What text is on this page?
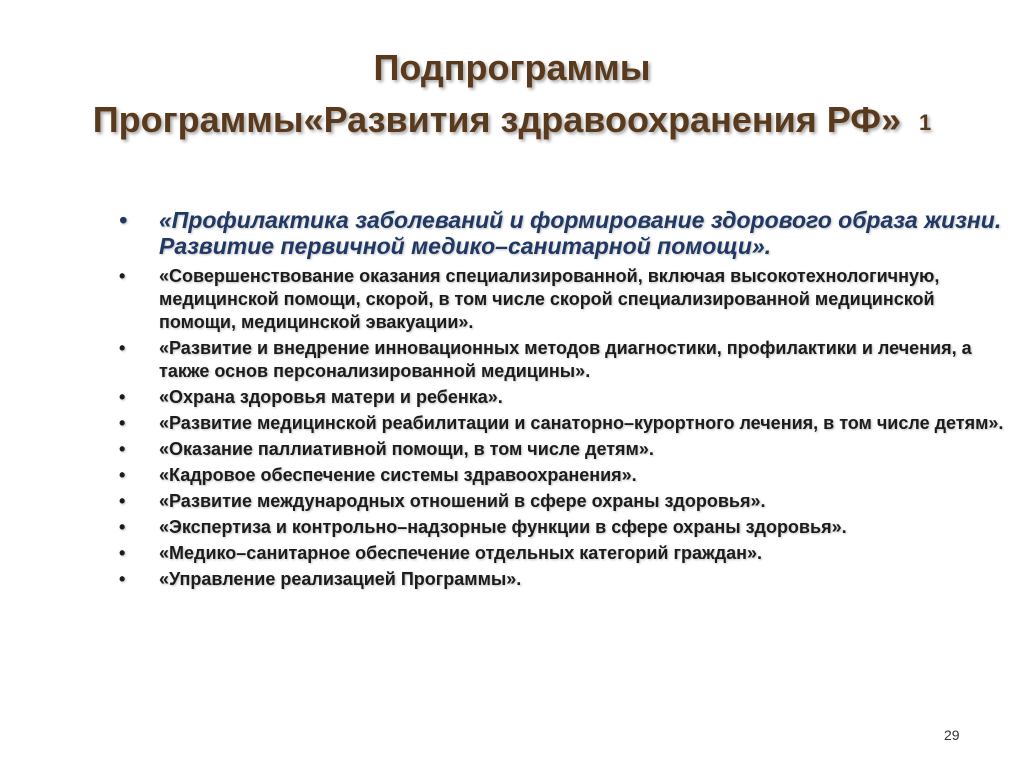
Подпрограммы
Программы«Развития здравоохранения РФ» 1
•	«Профилактика заболеваний и формирование здорового образа жизни. Развитие первичной медико–санитарной помощи».
•	«Совершенствование оказания специализированной, включая высокотехнологичную, медицинской помощи, скорой, в том числе скорой специализированной медицинской помощи, медицинской эвакуации».
•	«Развитие и внедрение инновационных методов диагностики, профилактики и лечения, а также основ персонализированной медицины».
•	«Охрана здоровья матери и ребенка».
•	«Развитие медицинской реабилитации и санаторно–курортного лечения, в том числе детям».
•	«Оказание паллиативной помощи, в том числе детям».
•	«Кадровое обеспечение системы здравоохранения».
•	«Развитие международных отношений в сфере охраны здоровья».
•	«Экспертиза и контрольно–надзорные функции в сфере охраны здоровья».
•	«Медико–санитарное обеспечение отдельных категорий граждан».
•	«Управление реализацией Программы».
29
